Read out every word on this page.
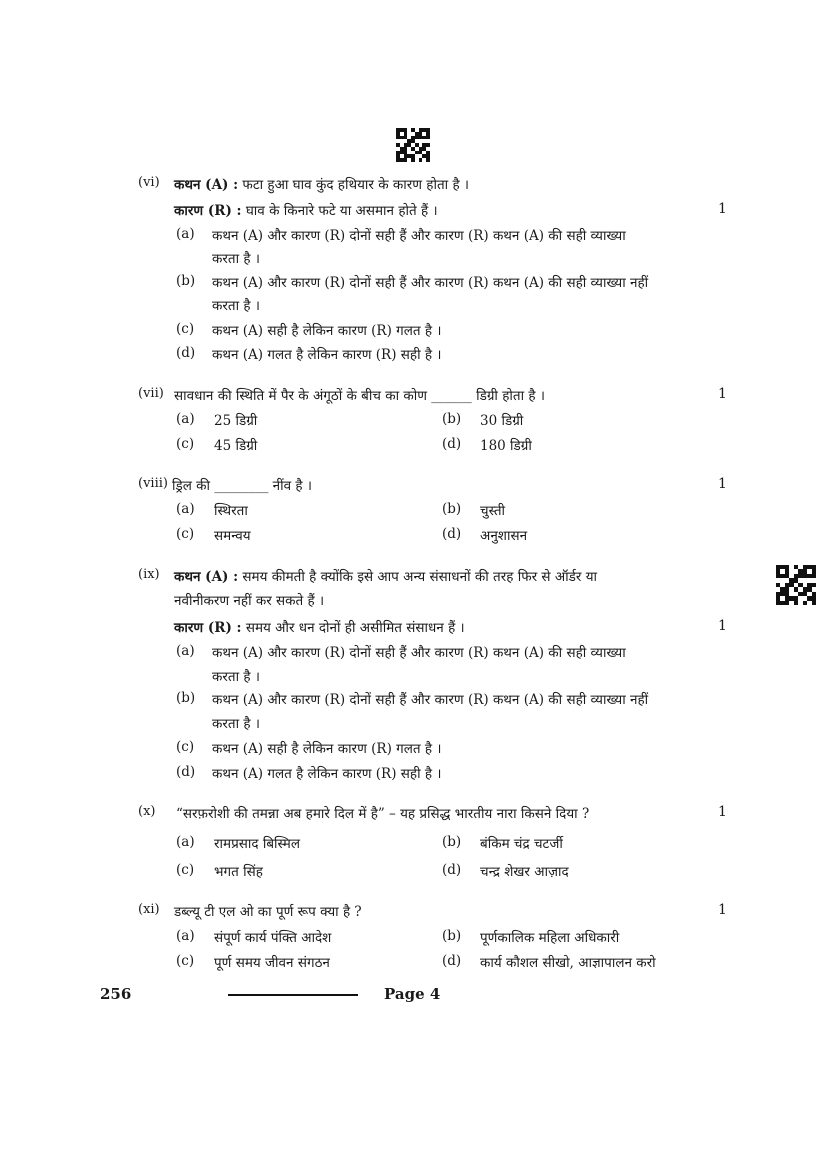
(vi) कथन (A) : फटा हुआ घाव कुंद हथियार के कारण होता है ।
कारण (R) : घाव के किनारे फटे या असमान होते हैं ।	1
(a) कथन (A) और कारण (R) दोनों सही हैं और कारण (R) कथन (A) की सही व्याख्या
करता है ।
(b) कथन (A) और कारण (R) दोनों सही हैं और कारण (R) कथन (A) की सही व्याख्या नहीं
करता है ।
(c) कथन (A) सही है लेकिन कारण (R) गलत है ।
(d) कथन (A) गलत है लेकिन कारण (R) सही है ।
(vii) सावधान की स्थिति में पैर के अंगूठों के बीच का कोण ______ डिग्री होता है ।	1
(a) 25 डिग्री	(b) 30 डिग्री
(c) 45 डिग्री	(d) 180 डिग्री
(viii) ड्रिल की ________ नींव है ।	1
(a) स्थिरता	(b) चुस्ती
(c) समन्वय	(d) अनुशासन
(ix) कथन (A) : समय कीमती है क्योंकि इसे आप अन्य संसाधनों की तरह फिर से ऑर्डर या
नवीनीकरण नहीं कर सकते हैं ।
कारण (R) : समय और धन दोनों ही असीमित संसाधन हैं ।	1
(a) कथन (A) और कारण (R) दोनों सही हैं और कारण (R) कथन (A) की सही व्याख्या
करता है ।
(b) कथन (A) और कारण (R) दोनों सही हैं और कारण (R) कथन (A) की सही व्याख्या नहीं
करता है ।
(c) कथन (A) सही है लेकिन कारण (R) गलत है ।
(d) कथन (A) गलत है लेकिन कारण (R) सही है ।
(x) “सरफ़रोशी की तमन्ना अब हमारे दिल में है” – यह प्रसिद्ध भारतीय नारा किसने दिया ?	1
(a) रामप्रसाद बिस्मिल	(b) बंकिम चंद्र चटर्जी
(c) भगत सिंह	(d) चन्द्र शेखर आज़ाद
(xi) डब्ल्यू टी एल ओ का पूर्ण रूप क्या है ?	1
(a) संपूर्ण कार्य पंक्ति आदेश	(b) पूर्णकालिक महिला अधिकारी
(c) पूर्ण समय जीवन संगठन	(d) कार्य कौशल सीखो, आज्ञापालन करो
256	Page 4
